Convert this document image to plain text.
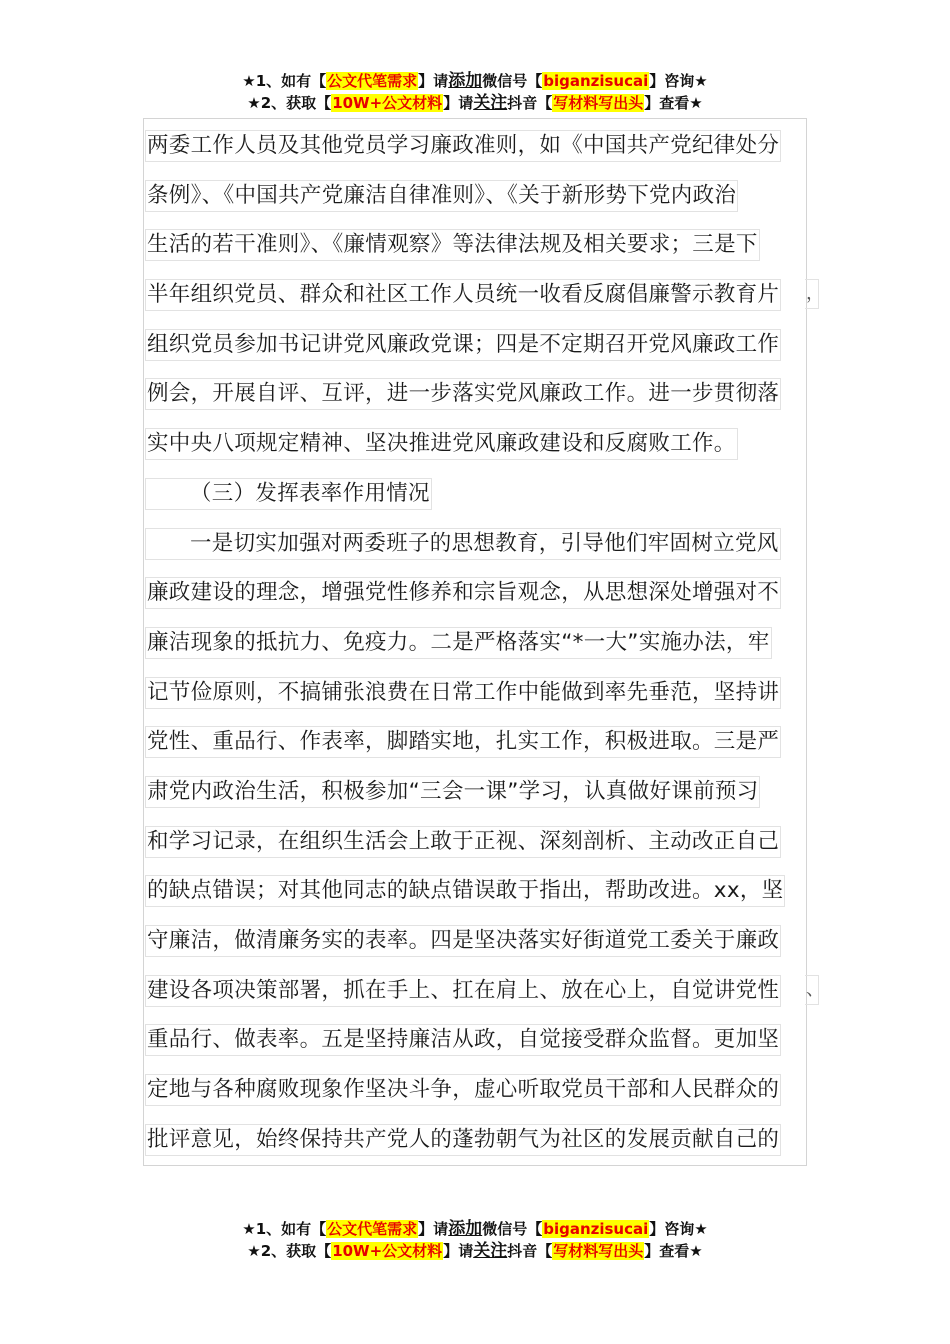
★1、如有【公文代笔需求】请添加微信号【biganzisucai】咨询★
★2、获取【10W+公文材料】请关注抖音【写材料写出头】查看★
两委工作人员及其他党员学习廉政准则，如《中国共产党纪律处分
条例》、《中国共产党廉洁自律准则》、《关于新形势下党内政治
生活的若干准则》、《廉情观察》等法律法规及相关要求；三是下
半年组织党员、群众和社区工作人员统一收看反腐倡廉警示教育片 ，
组织党员参加书记讲党风廉政党课；四是不定期召开党风廉政工作
例会，开展自评、互评，进一步落实党风廉政工作。进一步贯彻落
实中央八项规定精神、坚决推进党风廉政建设和反腐败工作。
（三）发挥表率作用情况
一是切实加强对两委班子的思想教育，引导他们牢固树立党风
廉政建设的理念，增强党性修养和宗旨观念，从思想深处增强对不
廉洁现象的抵抗力、免疫力。二是严格落实“*一大”实施办法，牢
记节俭原则，不搞铺张浪费在日常工作中能做到率先垂范，坚持讲
党性、重品行、作表率，脚踏实地，扎实工作，积极进取。三是严
肃党内政治生活，积极参加“三会一课”学习，认真做好课前预习
和学习记录，在组织生活会上敢于正视、深刻剖析、主动改正自己
的缺点错误；对其他同志的缺点错误敢于指出，帮助改进。xx，坚
守廉洁，做清廉务实的表率。四是坚决落实好街道党工委关于廉政
建设各项决策部署，抓在手上、扛在肩上、放在心上，自觉讲党性 、
重品行、做表率。五是坚持廉洁从政，自觉接受群众监督。更加坚
定地与各种腐败现象作坚决斗争，虚心听取党员干部和人民群众的
批评意见，始终保持共产党人的蓬勃朝气为社区的发展贡献自己的
★1、如有【公文代笔需求】请添加微信号【biganzisucai】咨询★
★2、获取【10W+公文材料】请关注抖音【写材料写出头】查看★
